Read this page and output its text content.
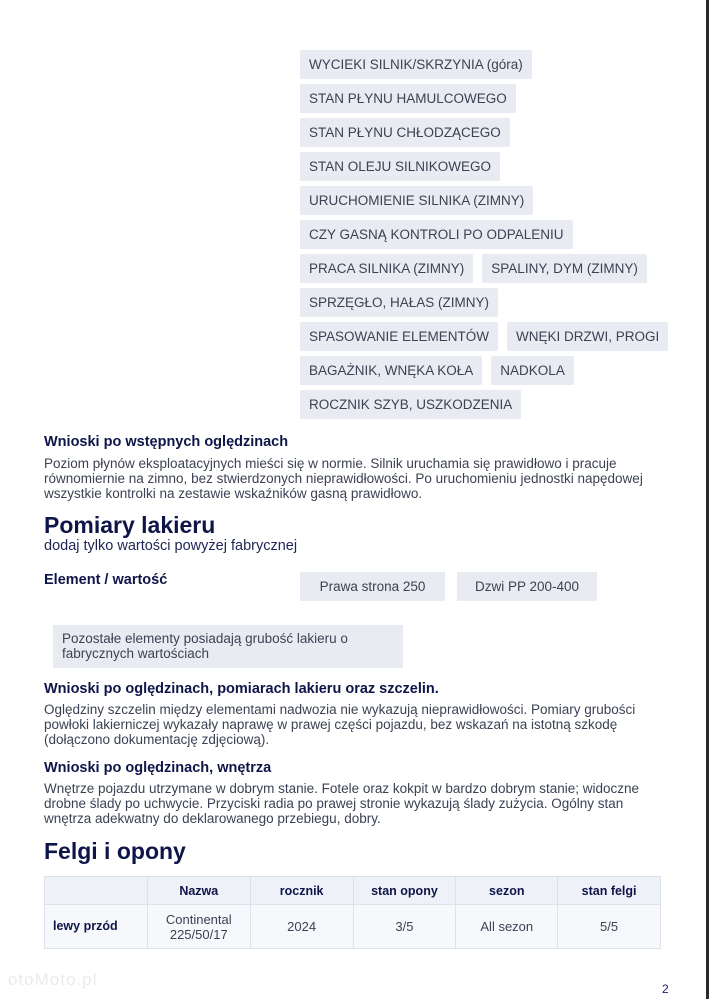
WYCIEKI SILNIK/SKRZYNIA (góra)
STAN PŁYNU HAMULCOWEGO
STAN PŁYNU CHŁODZĄCEGO
STAN OLEJU SILNIKOWEGO
URUCHOMIENIE SILNIKA (ZIMNY)
CZY GASNĄ KONTROLI PO ODPALENIU
PRACA SILNIKA (ZIMNY)	SPALINY, DYM (ZIMNY)
SPRZĘGŁO, HAŁAS (ZIMNY)
SPASOWANIE ELEMENTÓW	WNĘKI DRZWI, PROGI
BAGAŻNIK, WNĘKA KOŁA	NADKOLA
ROCZNIK SZYB, USZKODZENIA
Wnioski po wstępnych oględzinach
Poziom płynów eksploatacyjnych mieści się w normie. Silnik uruchamia się prawidłowo i pracuje równomiernie na zimno, bez stwierdzonych nieprawidłowości. Po uruchomieniu jednostki napędowej wszystkie kontrolki na zestawie wskaźników gasną prawidłowo.
Pomiary lakieru
dodaj tylko wartości powyżej fabrycznej
Element / wartość	Prawa strona 250	Dzwi PP 200-400
Pozostałe elementy posiadają grubość lakieru o fabrycznych wartościach
Wnioski po oględzinach, pomiarach lakieru oraz szczelin.
Oględziny szczelin między elementami nadwozia nie wykazują nieprawidłowości. Pomiary grubości powłoki lakierniczej wykazały naprawę w prawej części pojazdu, bez wskazań na istotną szkodę (dołączono dokumentację zdjęciową).
Wnioski po oględzinach, wnętrza
Wnętrze pojazdu utrzymane w dobrym stanie. Fotele oraz kokpit w bardzo dobrym stanie; widoczne drobne ślady po uchwycie. Przyciski radia po prawej stronie wykazują ślady zużycia. Ogólny stan wnętrza adekwatny do deklarowanego przebiegu, dobry.
Felgi i opony
	Nazwa	rocznik	stan opony	sezon	stan felgi
lewy przód	Continental 225/50/17	2024	3/5	All sezon	5/5
otoMoto.pl	2
